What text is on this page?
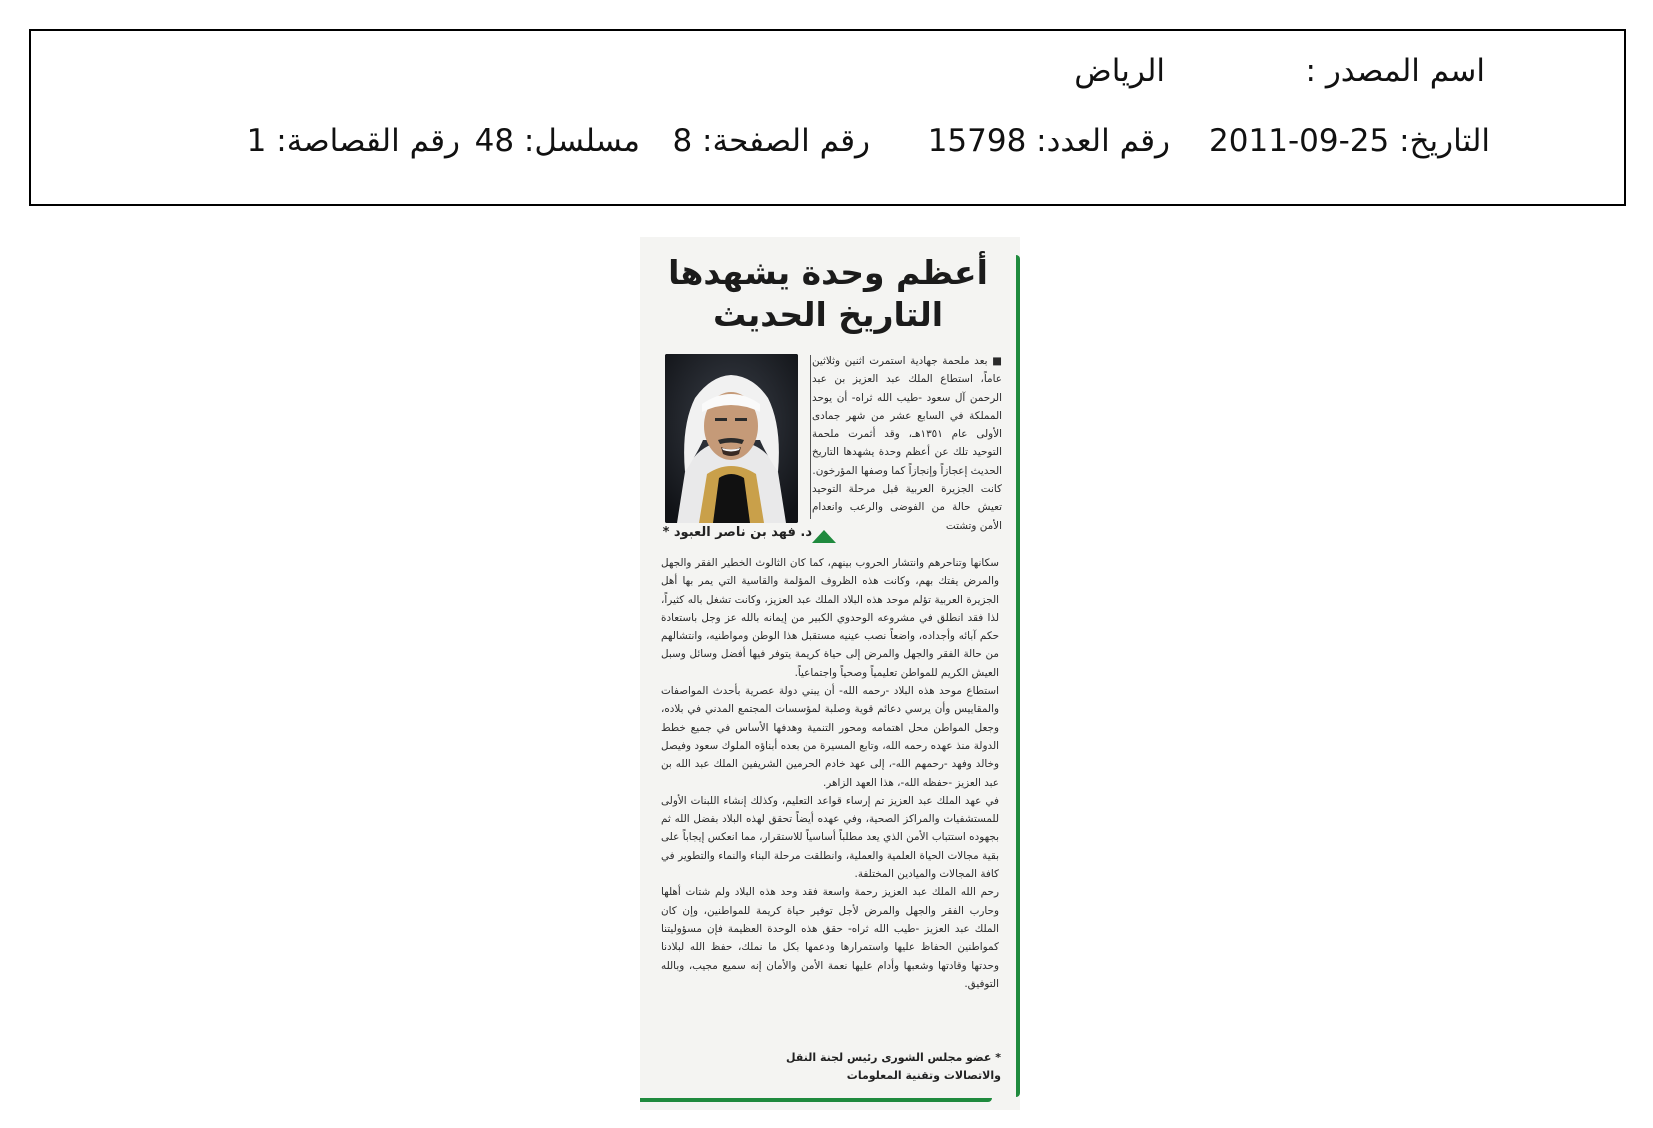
اسم المصدر :
الرياض
التاريخ: 25-09-2011
رقم العدد: 15798
رقم الصفحة: 8
مسلسل: 48
رقم القصاصة: 1
أعظم وحدة يشهدها
التاريخ الحديث
د. فهد بن ناصر العبود *

■ بعد ملحمة جهادية استمرت اثنين وثلاثين عاماً، استطاع الملك عبد العزيز بن عبد الرحمن آل سعود -طيب الله ثراه- أن يوحد المملكة في السابع عشر من شهر جمادى الأولى عام ١٣٥١هـ، وقد أثمرت ملحمة التوحيد تلك عن أعظم وحدة يشهدها التاريخ الحديث إعجازاً وإنجازاً كما وصفها المؤرخون.

كانت الجزيرة العربية قبل مرحلة التوحيد تعيش حالة من الفوضى والرعب وانعدام الأمن وتشتت

سكانها وتناحرهم وانتشار الحروب بينهم، كما كان الثالوث الخطير الفقر والجهل والمرض يفتك بهم، وكانت هذه الظروف المؤلمة والقاسية التي يمر بها أهل الجزيرة العربية تؤلم موحد هذه البلاد الملك عبد العزيز، وكانت تشغل باله كثيراً، لذا فقد انطلق في مشروعه الوحدوي الكبير من إيمانه بالله عز وجل باستعادة حكم آبائه وأجداده، واضعاً نصب عينيه مستقبل هذا الوطن ومواطنيه، وانتشالهم من حالة الفقر والجهل والمرض إلى حياة كريمة يتوفر فيها أفضل وسائل وسبل العيش الكريم للمواطن تعليمياً وصحياً واجتماعياً.

استطاع موحد هذه البلاد -رحمه الله- أن يبني دولة عصرية بأحدث المواصفات والمقاييس وأن يرسي دعائم قوية وصلبة لمؤسسات المجتمع المدني في بلاده، وجعل المواطن محل اهتمامه ومحور التنمية وهدفها الأساس في جميع خطط الدولة منذ عهده رحمه الله، وتابع المسيرة من بعده أبناؤه الملوك سعود وفيصل وخالد وفهد -رحمهم الله-، إلى عهد خادم الحرمين الشريفين الملك عبد الله بن عبد العزيز -حفظه الله-، هذا العهد الزاهر.

في عهد الملك عبد العزيز تم إرساء قواعد التعليم، وكذلك إنشاء اللبنات الأولى للمستشفيات والمراكز الصحية، وفي عهده أيضاً تحقق لهذه البلاد بفضل الله ثم بجهوده استتباب الأمن الذي يعد مطلباً أساسياً للاستقرار، مما انعكس إيجاباً على بقية مجالات الحياة العلمية والعملية، وانطلقت مرحلة البناء والنماء والتطوير في كافة المجالات والميادين المختلفة.

رحم الله الملك عبد العزيز رحمة واسعة فقد وحد هذه البلاد ولم شتات أهلها وحارب الفقر والجهل والمرض لأجل توفير حياة كريمة للمواطنين، وإن كان الملك عبد العزيز -طيب الله ثراه- حقق هذه الوحدة العظيمة فإن مسؤوليتنا كمواطنين الحفاظ عليها واستمرارها ودعمها بكل ما نملك، حفظ الله لبلادنا وحدتها وقادتها وشعبها وأدام عليها نعمة الأمن والأمان إنه سميع مجيب، وبالله التوفيق.

* عضو مجلس الشورى رئيس لجنة النقل
والاتصالات وتقنية المعلومات
